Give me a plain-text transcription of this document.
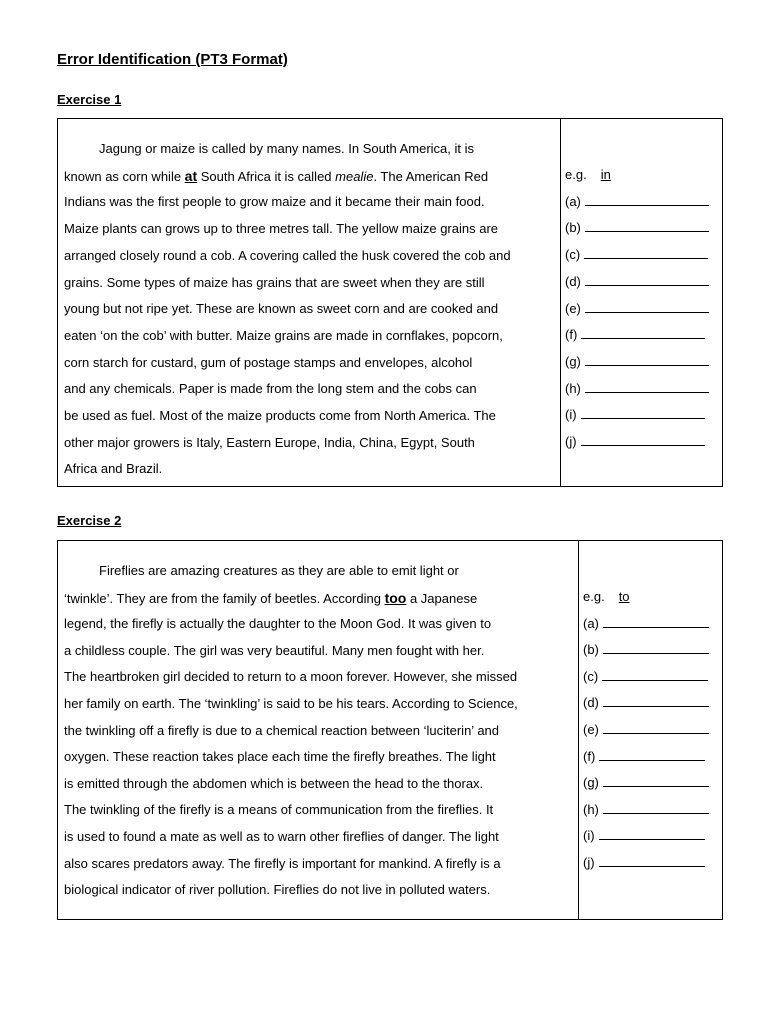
Error Identification (PT3 Format)
Exercise 1
Jagung or maize is called by many names. In South America, it is
known as corn while at South Africa it is called mealie. The American Red
Indians was the first people to grow maize and it became their main food.
Maize plants can grows up to three metres tall. The yellow maize grains are
arranged closely round a cob. A covering called the husk covered the cob and
grains. Some types of maize has grains that are sweet when they are still
young but not ripe yet. These are known as sweet corn and are cooked and
eaten ‘on the cob’ with butter. Maize grains are made in cornflakes, popcorn,
corn starch for custard, gum of postage stamps and envelopes, alcohol
and any chemicals. Paper is made from the long stem and the cobs can
be used as fuel. Most of the maize products come from North America. The
other major growers is Italy, Eastern Europe, India, China, Egypt, South
Africa and Brazil.
e.g. in
(a)
(b)
(c)
(d)
(e)
(f)
(g)
(h)
(i)
(j)
Exercise 2
Fireflies are amazing creatures as they are able to emit light or
‘twinkle’. They are from the family of beetles. According too a Japanese
legend, the firefly is actually the daughter to the Moon God. It was given to
a childless couple. The girl was very beautiful. Many men fought with her.
The heartbroken girl decided to return to a moon forever. However, she missed
her family on earth. The ‘twinkling’ is said to be his tears. According to Science,
the twinkling off a firefly is due to a chemical reaction between ‘luciterin’ and
oxygen. These reaction takes place each time the firefly breathes. The light
is emitted through the abdomen which is between the head to the thorax.
The twinkling of the firefly is a means of communication from the fireflies. It
is used to found a mate as well as to warn other fireflies of danger. The light
also scares predators away. The firefly is important for mankind. A firefly is a
biological indicator of river pollution. Fireflies do not live in polluted waters.
e.g. to
(a)
(b)
(c)
(d)
(e)
(f)
(g)
(h)
(i)
(j)
